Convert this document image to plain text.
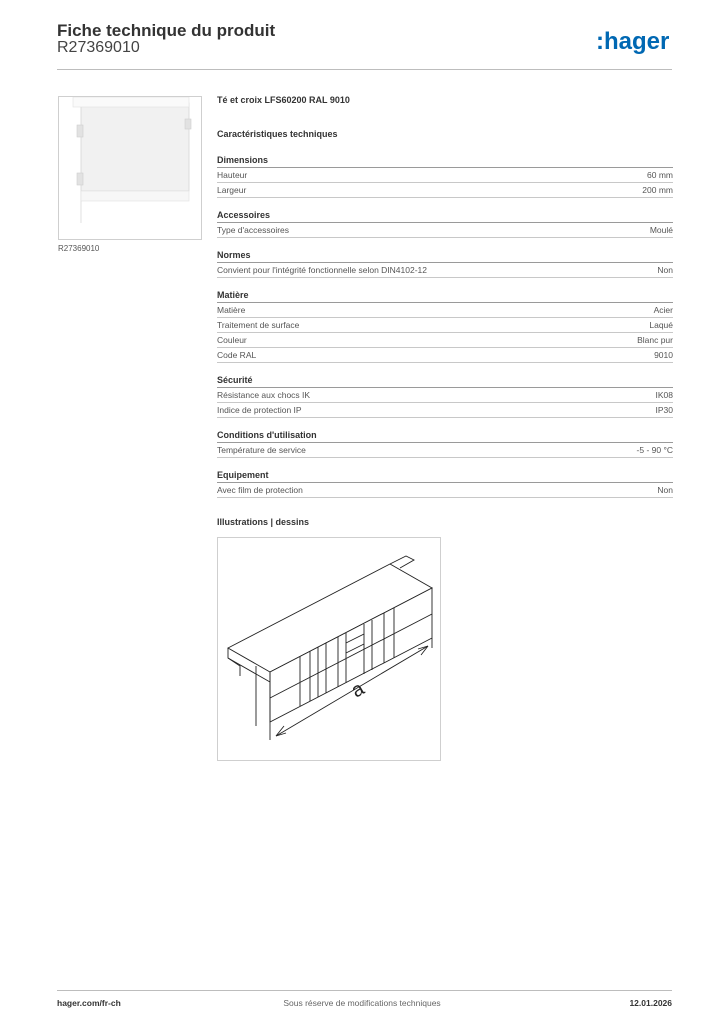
Fiche technique du produit
R27369010	:hager
R27369010
Té et croix LFS60200 RAL 9010
Caractéristiques techniques
Dimensions
Hauteur	60 mm
Largeur	200 mm
Accessoires
Type d'accessoires	Moulé
Normes
Convient pour l'intégrité fonctionnelle selon DIN4102-12	Non
Matière
Matière	Acier
Traitement de surface	Laqué
Couleur	Blanc pur
Code RAL	9010
Sécurité
Résistance aux chocs IK	IK08
Indice de protection IP	IP30
Conditions d'utilisation
Température de service	-5 - 90 °C
Equipement
Avec film de protection	Non
Illustrations | dessins
a
hager.com/fr-ch	Sous réserve de modifications techniques	12.01.2026
